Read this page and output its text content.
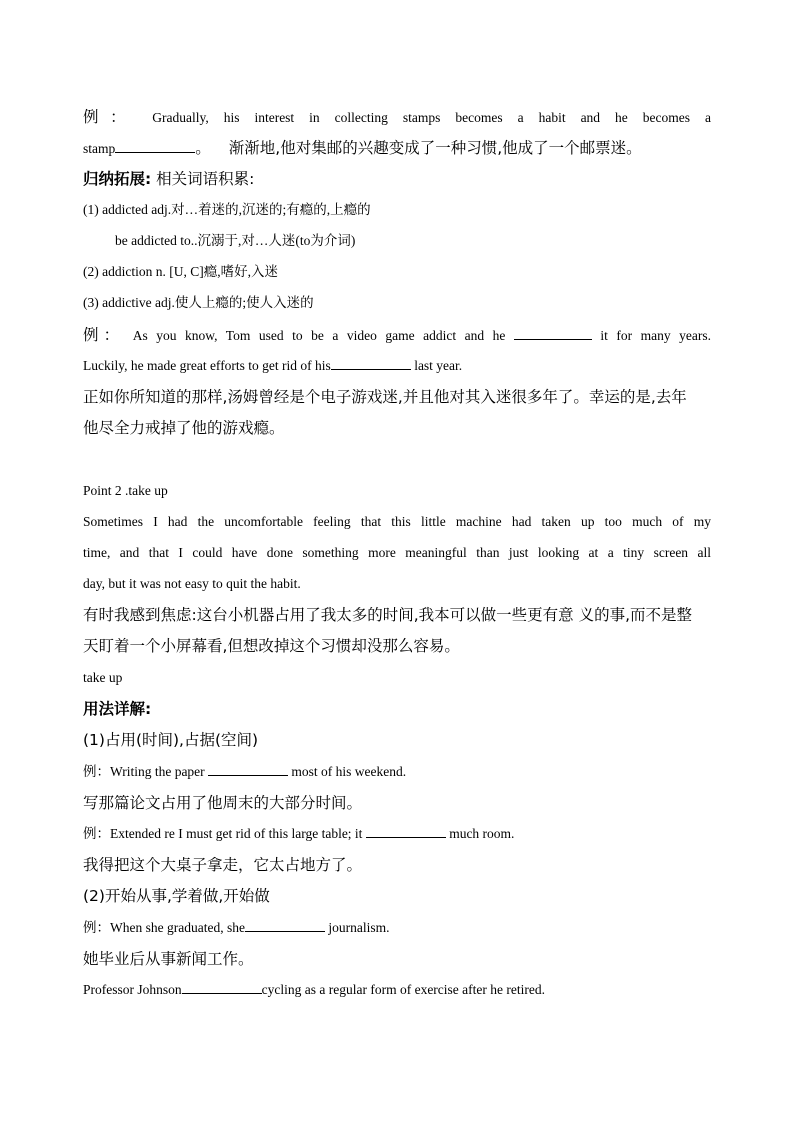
例： Gradually, his interest in collecting stamps becomes a habit and he becomes a
stamp	。 渐渐地,他对集邮的兴趣变成了一种习惯,他成了一个邮票迷。
归纳拓展: 相关词语积累:
(1) addicted adj.对…着迷的,沉迷的;有瘾的,上瘾的
be addicted to..沉溺于,对…人迷(to为介词)
(2) addiction n. [U, C]瘾,嗜好,入迷
(3) addictive adj.使人上瘾的;使人入迷的
例： As you know, Tom used to be a video game addict and he	it for many years.
Luckily, he made great efforts to get rid of his	last year.
正如你所知道的那样,汤姆曾经是个电子游戏迷,并且他对其入迷很多年了。幸运的是,去年
他尽全力戒掉了他的游戏瘾。
Point 2 .take up
Sometimes I had the uncomfortable feeling that this little machine had taken up too much of my
time, and that I could have done something more meaningful than just looking at a tiny screen all
day, but it was not easy to quit the habit.
有时我感到焦虑:这台小机器占用了我太多的时间,我本可以做一些更有意 义的事,而不是整
天盯着一个小屏幕看,但想改掉这个习惯却没那么容易。
take up
用法详解:
(1)占用(时间),占据(空间)
例：Writing the paper	most of his weekend.
写那篇论文占用了他周末的大部分时间。
例：Extended re I must get rid of this large table; it	much room.
我得把这个大桌子拿走，它太占地方了。
(2)开始从事,学着做,开始做
例：When she graduated, she	journalism.
她毕业后从事新闻工作。
Professor Johnson	cycling as a regular form of exercise after he retired.
